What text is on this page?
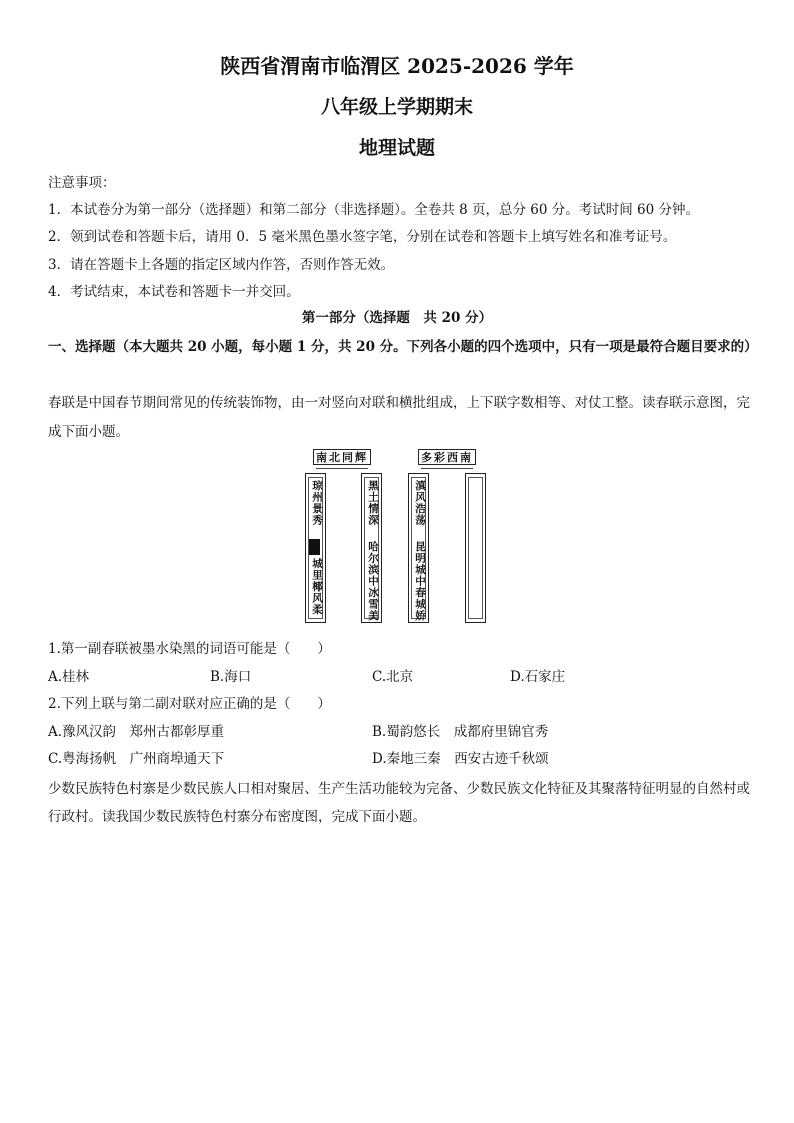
陕西省渭南市临渭区 2025-2026 学年
八年级上学期期末
地理试题
注意事项：
1．本试卷分为第一部分（选择题）和第二部分（非选择题）。全卷共 8 页，总分 60 分。考试时间 60 分钟。
2．领到试卷和答题卡后，请用 0．5 毫米黑色墨水签字笔，分别在试卷和答题卡上填写姓名和准考证号。
3．请在答题卡上各题的指定区域内作答，否则作答无效。
4．考试结束，本试卷和答题卡一并交回。
第一部分（选择题　共 20 分）
一、选择题（本大题共 20 小题，每小题 1 分，共 20 分。下列各小题的四个选项中，只有一项是最符合题目要求的）
春联是中国春节期间常见的传统装饰物，由一对竖向对联和横批组成，上下联字数相等、对仗工整。读春联示意图，完成下面小题。
南北同辉
琼州景秀
城里椰风柔
黑土情深
哈尔滨中冰雪美
多彩西南
滇风浩荡
昆明城中春城娇
1.第一副春联被墨水染黑的词语可能是（　　）
A.桂林	B.海口	C.北京	D.石家庄
2.下列上联与第二副对联对应正确的是（　　）
A.豫风汉韵　郑州古都彰厚重	B.蜀韵悠长　成都府里锦官秀
C.粤海扬帆　广州商埠通天下	D.秦地三秦　西安古迹千秋颂
少数民族特色村寨是少数民族人口相对聚居、生产生活功能较为完备、少数民族文化特征及其聚落特征明显的自然村或行政村。读我国少数民族特色村寨分布密度图，完成下面小题。
